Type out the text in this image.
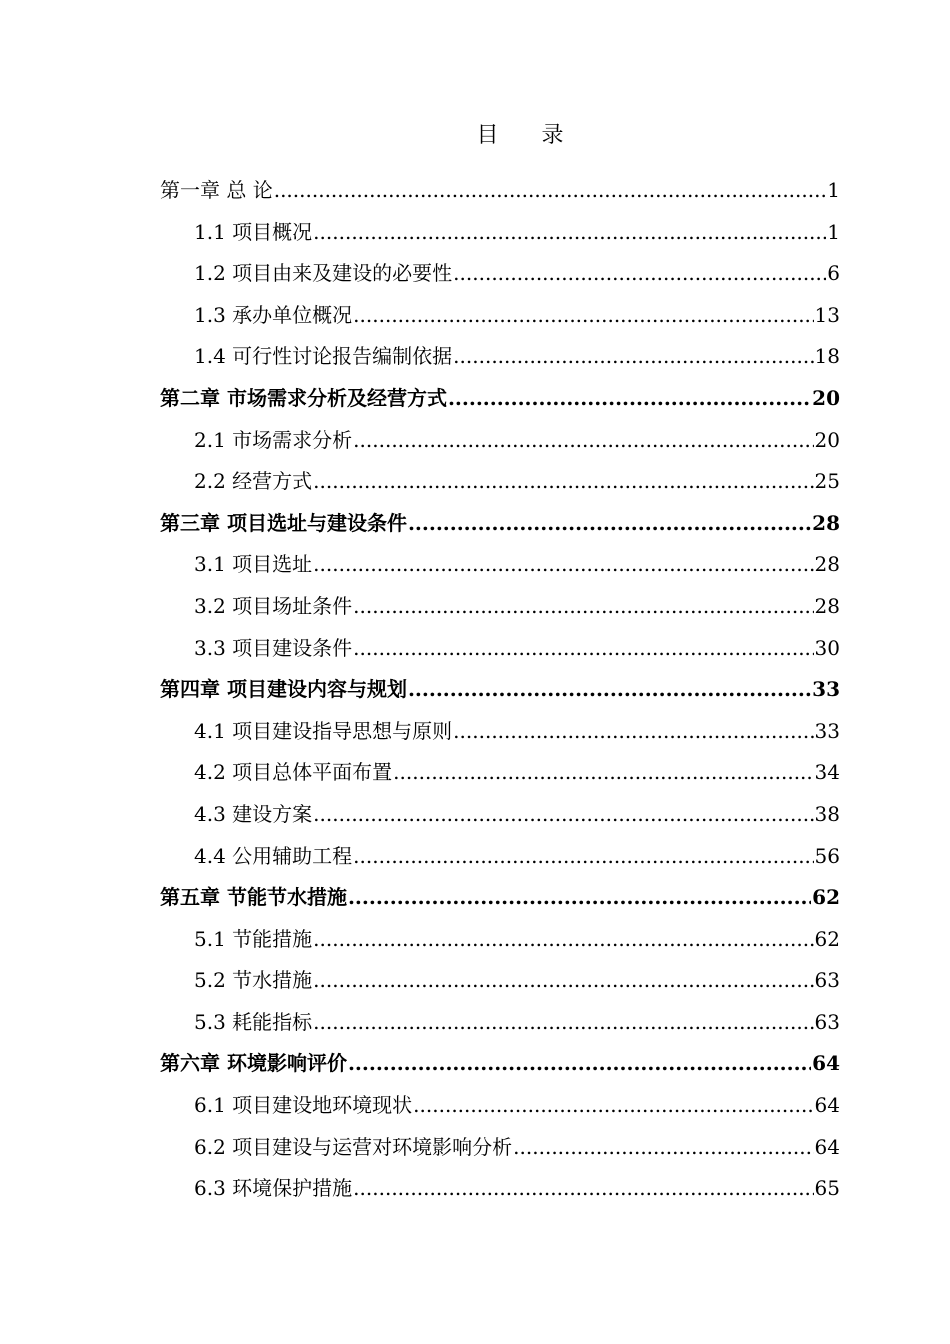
目 录
第一章 总 论 .....	1
1.1 项目概况 .....	1
1.2 项目由来及建设的必要性 .....	6
1.3 承办单位概况 .....	13
1.4 可行性讨论报告编制依据 .....	18
第二章 市场需求分析及经营方式 .....	20
2.1 市场需求分析 .....	20
2.2 经营方式 .....	25
第三章 项目选址与建设条件 .....	28
3.1 项目选址 .....	28
3.2 项目场址条件 .....	28
3.3 项目建设条件 .....	30
第四章 项目建设内容与规划 .....	33
4.1 项目建设指导思想与原则 .....	33
4.2 项目总体平面布置 .....	34
4.3 建设方案 .....	38
4.4 公用辅助工程 .....	56
第五章 节能节水措施 .....	62
5.1 节能措施 .....	62
5.2 节水措施 .....	63
5.3 耗能指标 .....	63
第六章 环境影响评价 .....	64
6.1 项目建设地环境现状 .....	64
6.2 项目建设与运营对环境影响分析 .....	64
6.3 环境保护措施 .....	65
